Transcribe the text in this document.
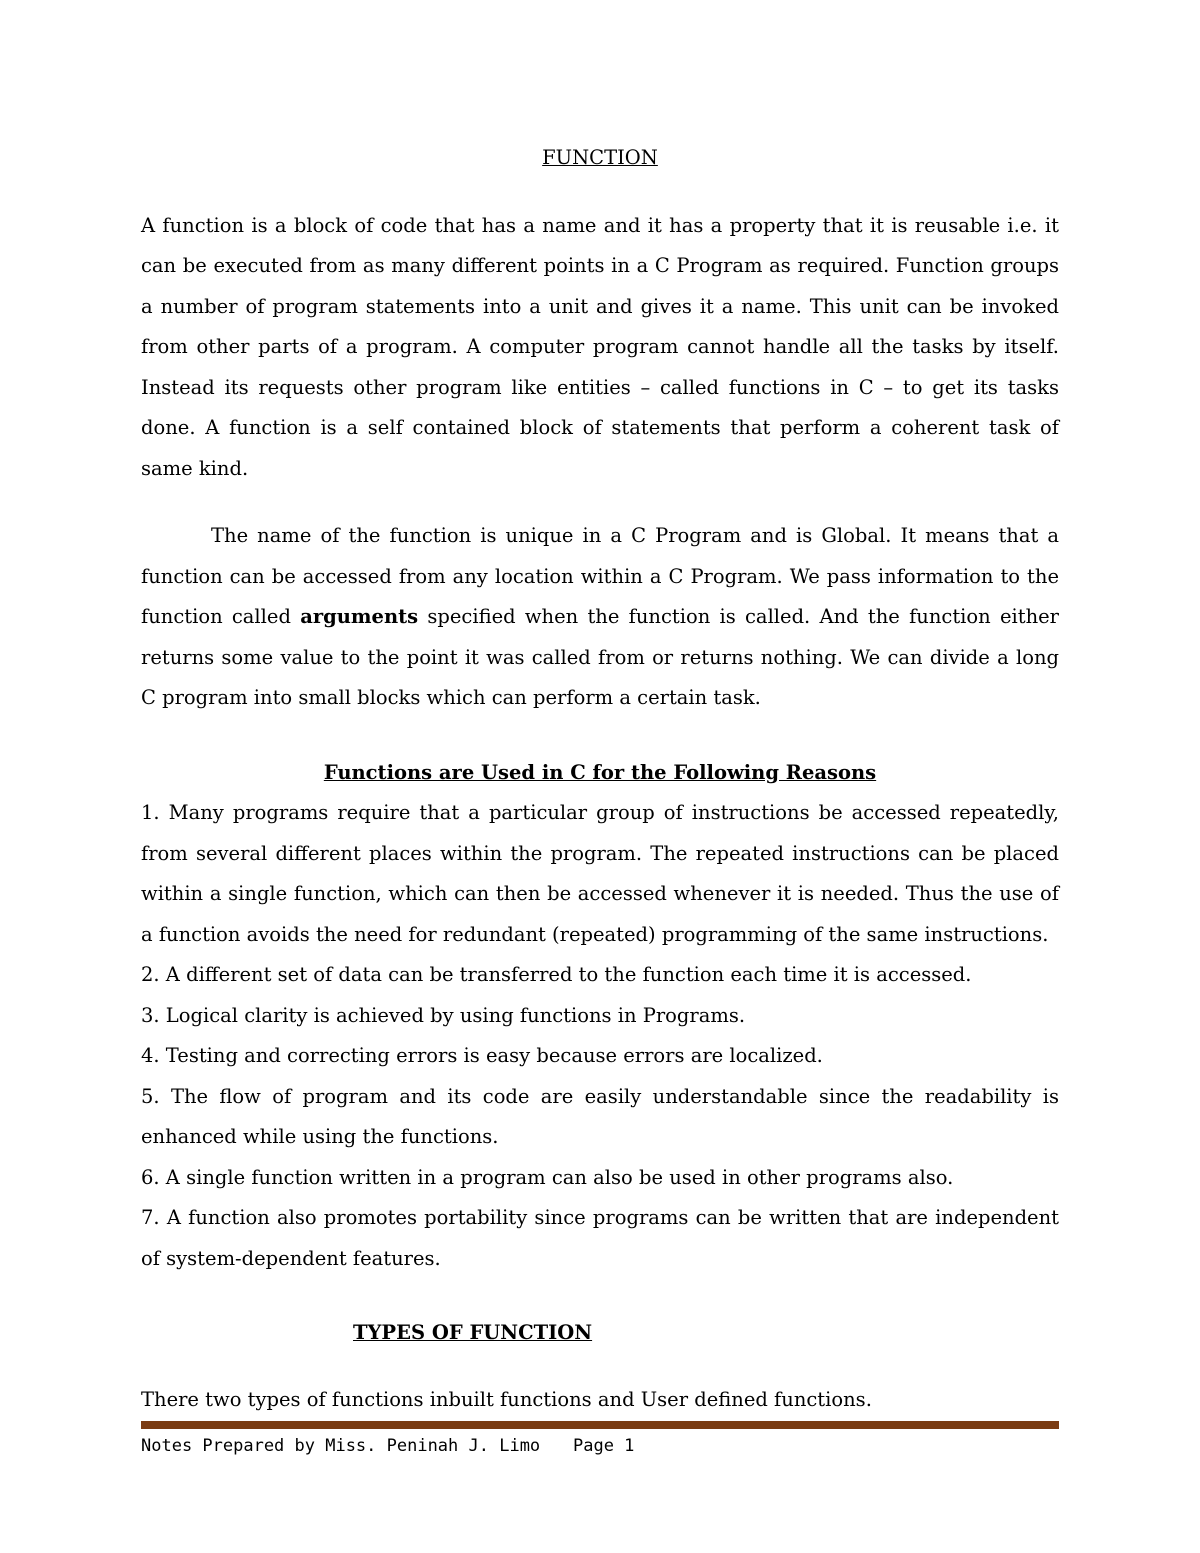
FUNCTION

A function is a block of code that has a name and it has a property that it is reusable i.e. it can be executed from as many different points in a C Program as required. Function groups a number of program statements into a unit and gives it a name. This unit can be invoked from other parts of a program. A computer program cannot handle all the tasks by itself. Instead its requests other program like entities – called functions in C – to get its tasks done. A function is a self contained block of statements that perform a coherent task of same kind.

The name of the function is unique in a C Program and is Global. It means that a function can be accessed from any location within a C Program. We pass information to the function called arguments specified when the function is called. And the function either returns some value to the point it was called from or returns nothing. We can divide a long C program into small blocks which can perform a certain task.

Functions are Used in C for the Following Reasons
1. Many programs require that a particular group of instructions be accessed repeatedly, from several different places within the program. The repeated instructions can be placed within a single function, which can then be accessed whenever it is needed. Thus the use of a function avoids the need for redundant (repeated) programming of the same instructions.
2. A different set of data can be transferred to the function each time it is accessed.
3. Logical clarity is achieved by using functions in Programs.
4. Testing and correcting errors is easy because errors are localized.
5. The flow of program and its code are easily understandable since the readability is enhanced while using the functions.
6. A single function written in a program can also be used in other programs also.
7. A function also promotes portability since programs can be written that are independent of system-dependent features.
TYPES OF FUNCTION

There two types of functions inbuilt functions and User defined functions.

Notes Prepared by Miss. Peninah J. Limo Page 1
